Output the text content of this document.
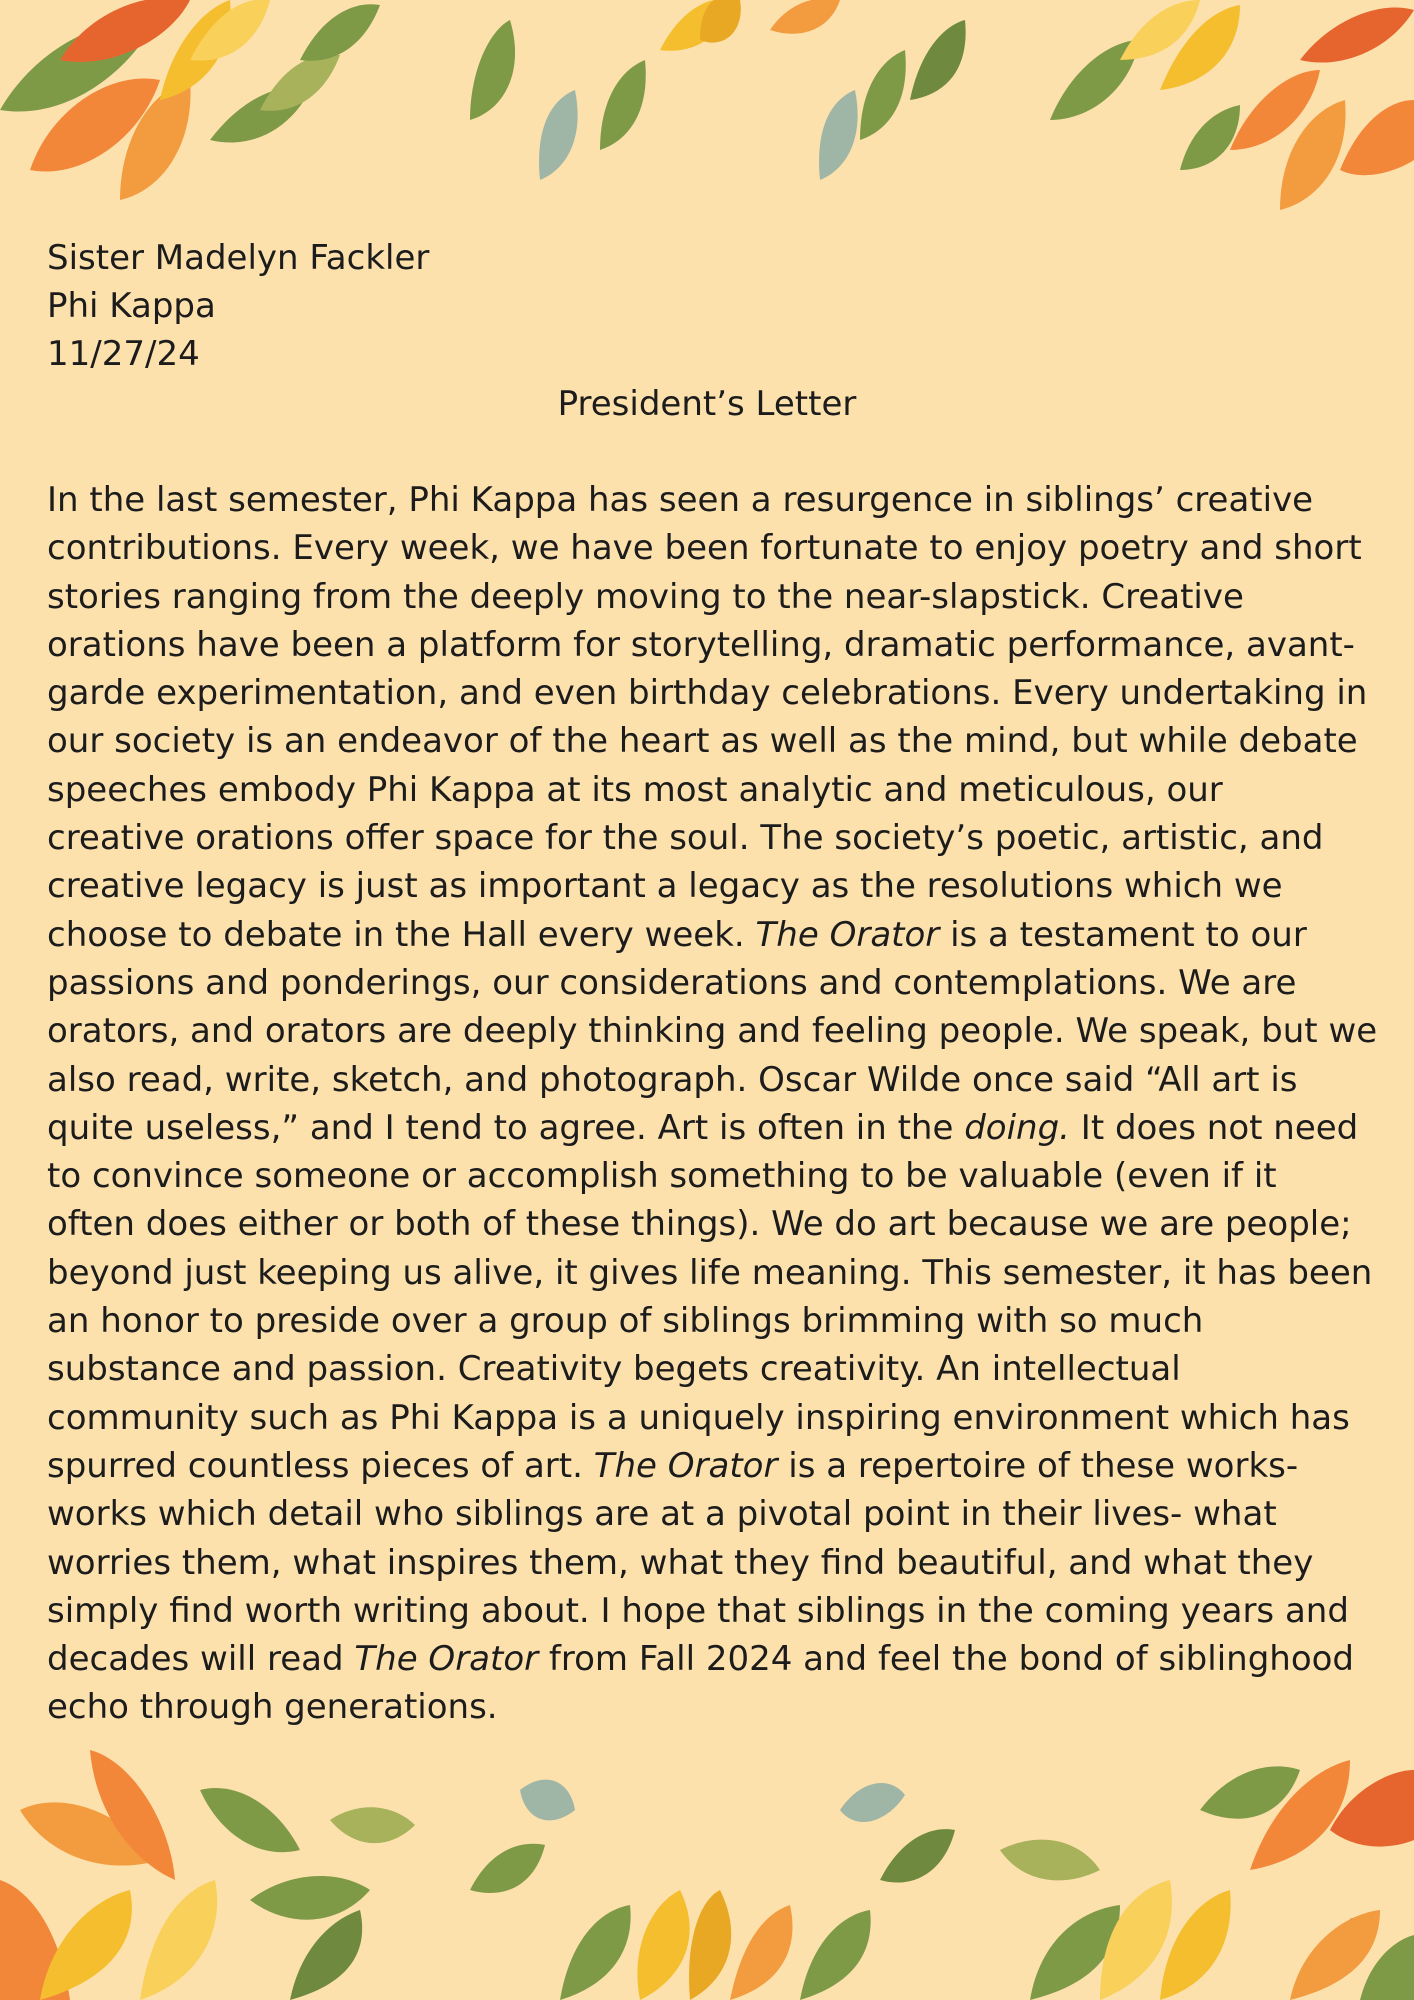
Sister Madelyn Fackler
Phi Kappa
11/27/24
President’s Letter
In the last semester, Phi Kappa has seen a resurgence in siblings’ creative
contributions. Every week, we have been fortunate to enjoy poetry and short
stories ranging from the deeply moving to the near-slapstick. Creative
orations have been a platform for storytelling, dramatic performance, avant-
garde experimentation, and even birthday celebrations. Every undertaking in
our society is an endeavor of the heart as well as the mind, but while debate
speeches embody Phi Kappa at its most analytic and meticulous, our
creative orations offer space for the soul. The society’s poetic, artistic, and
creative legacy is just as important a legacy as the resolutions which we
choose to debate in the Hall every week. The Orator is a testament to our
passions and ponderings, our considerations and contemplations. We are
orators, and orators are deeply thinking and feeling people. We speak, but we
also read, write, sketch, and photograph. Oscar Wilde once said “All art is
quite useless,” and I tend to agree. Art is often in the doing. It does not need
to convince someone or accomplish something to be valuable (even if it
often does either or both of these things). We do art because we are people;
beyond just keeping us alive, it gives life meaning. This semester, it has been
an honor to preside over a group of siblings brimming with so much
substance and passion. Creativity begets creativity. An intellectual
community such as Phi Kappa is a uniquely inspiring environment which has
spurred countless pieces of art. The Orator is a repertoire of these works-
works which detail who siblings are at a pivotal point in their lives- what
worries them, what inspires them, what they find beautiful, and what they
simply find worth writing about. I hope that siblings in the coming years and
decades will read The Orator from Fall 2024 and feel the bond of siblinghood
echo through generations.
